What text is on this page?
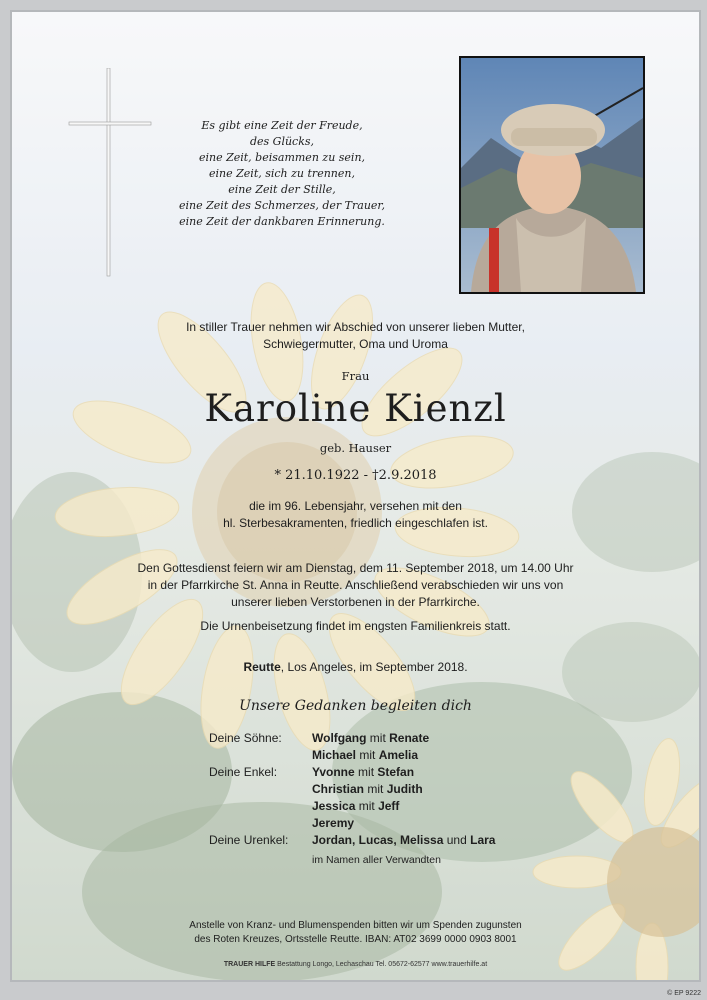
Es gibt eine Zeit der Freude,
des Glücks,
eine Zeit, beisammen zu sein,
eine Zeit, sich zu trennen,
eine Zeit der Stille,
eine Zeit des Schmerzes, der Trauer,
eine Zeit der dankbaren Erinnerung.
In stiller Trauer nehmen wir Abschied von unserer lieben Mutter,
Schwiegermutter, Oma und Uroma
Frau
Karoline Kienzl
geb. Hauser
* 21.10.1922 - †2.9.2018
die im 96. Lebensjahr, versehen mit den
hl. Sterbesakramenten, friedlich eingeschlafen ist.
Den Gottesdienst feiern wir am Dienstag, dem 11. September 2018, um 14.00 Uhr
in der Pfarrkirche St. Anna in Reutte. Anschließend verabschieden wir uns von
unserer lieben Verstorbenen in der Pfarrkirche.
Die Urnenbeisetzung findet im engsten Familienkreis statt.
Reutte, Los Angeles, im September 2018.
Unsere Gedanken begleiten dich
Deine Söhne:	Wolfgang mit Renate
Michael mit Amelia
Deine Enkel:	Yvonne mit Stefan
Christian mit Judith
Jessica mit Jeff
Jeremy
Deine Urenkel:	Jordan, Lucas, Melissa und Lara
im Namen aller Verwandten
Anstelle von Kranz- und Blumenspenden bitten wir um Spenden zugunsten
des Roten Kreuzes, Ortsstelle Reutte. IBAN: AT02 3699 0000 0903 8001
TRAUER HILFE Bestattung Longo, Lechaschau Tel. 05672-62577 www.trauerhilfe.at
© EP 9222
